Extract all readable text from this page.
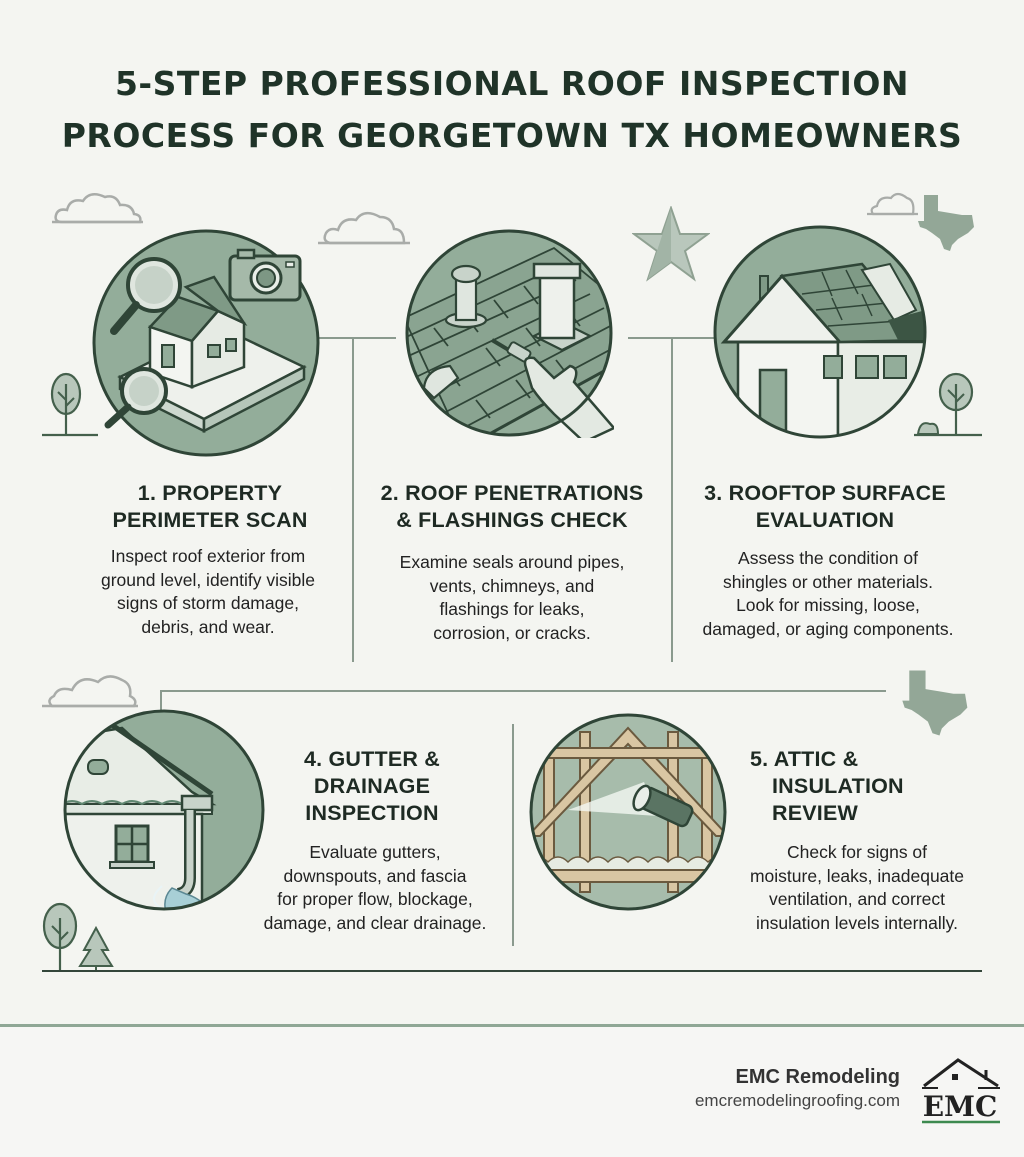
5-STEP PROFESSIONAL ROOF INSPECTION
PROCESS FOR GEORGETOWN TX HOMEOWNERS
1. PROPERTY
PERIMETER SCAN

Inspect roof exterior from
ground level, identify visible
signs of storm damage,
debris, and wear.

2. ROOF PENETRATIONS
& FLASHINGS CHECK

Examine seals around pipes,
vents, chimneys, and
flashings for leaks,
corrosion, or cracks.

3. ROOFTOP SURFACE
EVALUATION

Assess the condition of
shingles or other materials.
Look for missing, loose,
damaged, or aging components.

4. GUTTER &
DRAINAGE
INSPECTION

Evaluate gutters,
downspouts, and fascia
for proper flow, blockage,
damage, and clear drainage.

5. ATTIC &
INSULATION
REVIEW

Check for signs of
moisture, leaks, inadequate
ventilation, and correct
insulation levels internally.

EMC Remodeling
emcremodelingroofing.com EMC
